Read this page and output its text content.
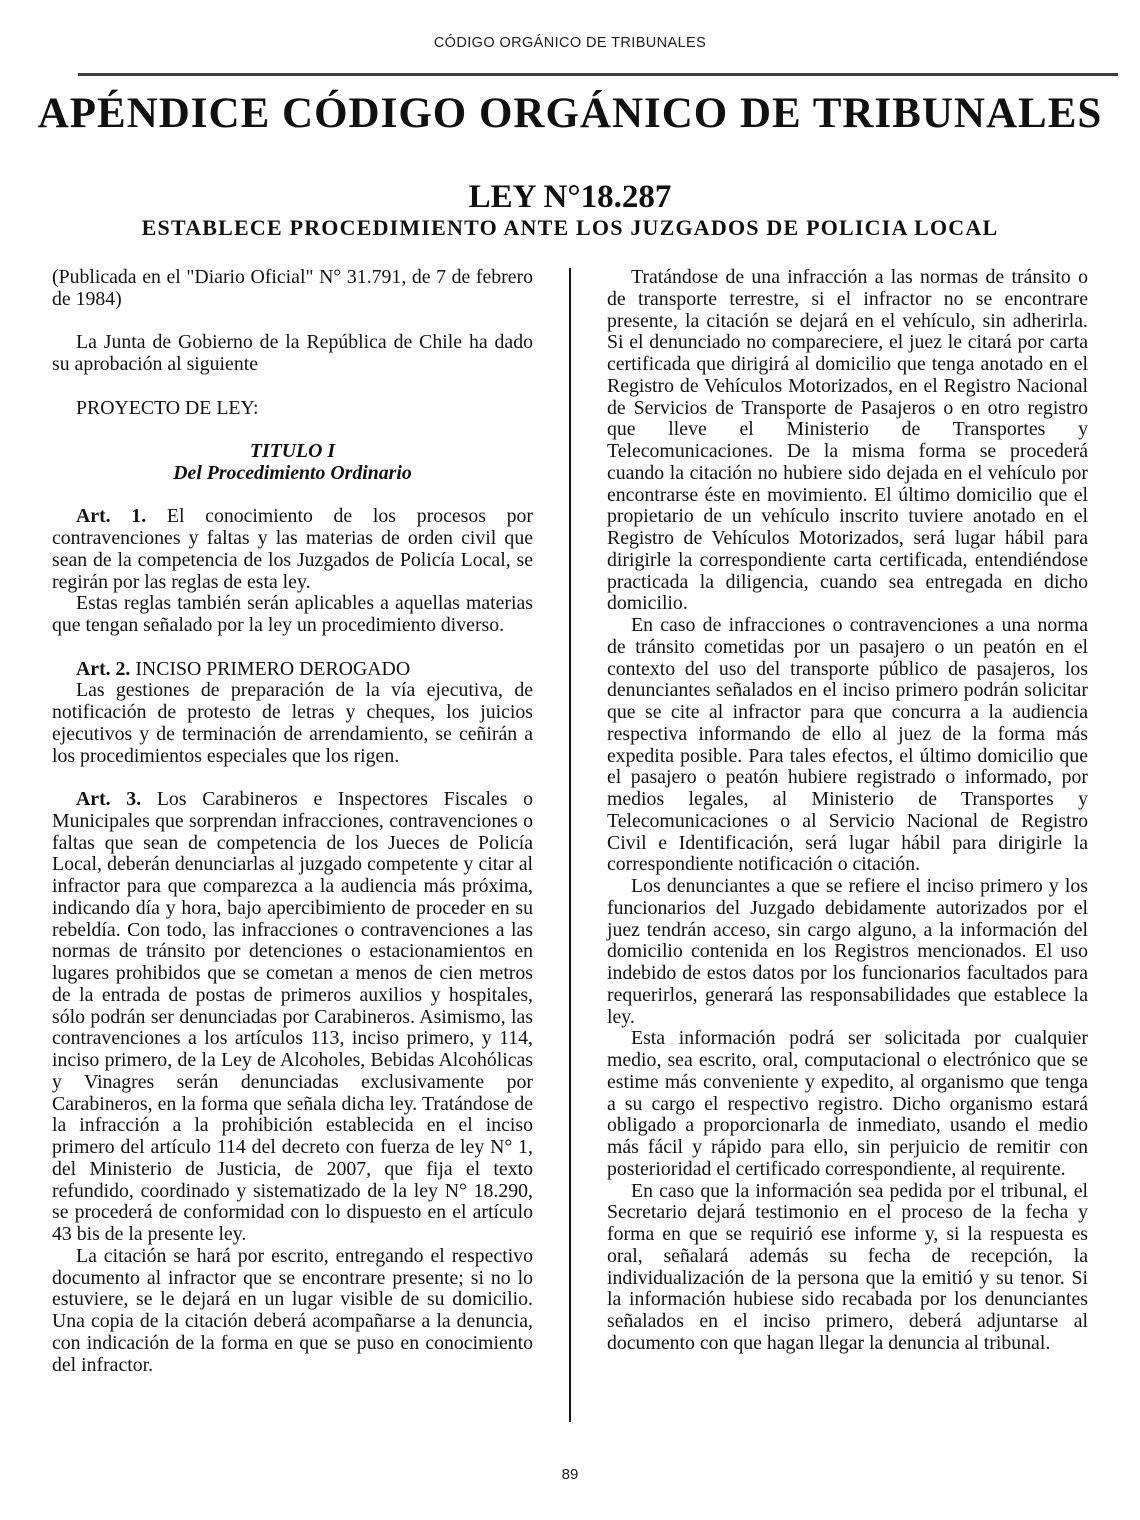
CÓDIGO ORGÁNICO DE TRIBUNALES
APÉNDICE CÓDIGO ORGÁNICO DE TRIBUNALES
LEY N°18.287
ESTABLECE PROCEDIMIENTO ANTE LOS JUZGADOS DE POLICIA LOCAL

(Publicada en el "Diario Oficial" N° 31.791, de 7 de febrero de 1984)

La Junta de Gobierno de la República de Chile ha dado su aprobación al siguiente

PROYECTO DE LEY:

TITULO I

Del Procedimiento Ordinario

Art. 1. El conocimiento de los procesos por contravenciones y faltas y las materias de orden civil que sean de la competencia de los Juzgados de Policía Local, se regirán por las reglas de esta ley.

Estas reglas también serán aplicables a aquellas materias que tengan señalado por la ley un procedimiento diverso.

Art. 2. INCISO PRIMERO DEROGADO

Las gestiones de preparación de la vía ejecutiva, de notificación de protesto de letras y cheques, los juicios ejecutivos y de terminación de arrendamiento, se ceñirán a los procedimientos especiales que los rigen.

Art. 3. Los Carabineros e Inspectores Fiscales o Municipales que sorprendan infracciones, contravenciones o faltas que sean de competencia de los Jueces de Policía Local, deberán denunciarlas al juzgado competente y citar al infractor para que comparezca a la audiencia más próxima, indicando día y hora, bajo apercibimiento de proceder en su rebeldía. Con todo, las infracciones o contravenciones a las normas de tránsito por detenciones o estacionamientos en lugares prohibidos que se cometan a menos de cien metros de la entrada de postas de primeros auxilios y hospitales, sólo podrán ser denunciadas por Carabineros. Asimismo, las contravenciones a los artículos 113, inciso primero, y 114, inciso primero, de la Ley de Alcoholes, Bebidas Alcohólicas y Vinagres serán denunciadas exclusivamente por Carabineros, en la forma que señala dicha ley. Tratándose de la infracción a la prohibición establecida en el inciso primero del artículo 114 del decreto con fuerza de ley N° 1, del Ministerio de Justicia, de 2007, que fija el texto refundido, coordinado y sistematizado de la ley N° 18.290, se procederá de conformidad con lo dispuesto en el artículo 43 bis de la presente ley.

La citación se hará por escrito, entregando el respectivo documento al infractor que se encontrare presente; si no lo estuviere, se le dejará en un lugar visible de su domicilio. Una copia de la citación deberá acompañarse a la denuncia, con indicación de la forma en que se puso en conocimiento del infractor.

Tratándose de una infracción a las normas de tránsito o de transporte terrestre, si el infractor no se encontrare presente, la citación se dejará en el vehículo, sin adherirla. Si el denunciado no compareciere, el juez le citará por carta certificada que dirigirá al domicilio que tenga anotado en el Registro de Vehículos Motorizados, en el Registro Nacional de Servicios de Transporte de Pasajeros o en otro registro que lleve el Ministerio de Transportes y Telecomunicaciones. De la misma forma se procederá cuando la citación no hubiere sido dejada en el vehículo por encontrarse éste en movimiento. El último domicilio que el propietario de un vehículo inscrito tuviere anotado en el Registro de Vehículos Motorizados, será lugar hábil para dirigirle la correspondiente carta certificada, entendiéndose practicada la diligencia, cuando sea entregada en dicho domicilio.

En caso de infracciones o contravenciones a una norma de tránsito cometidas por un pasajero o un peatón en el contexto del uso del transporte público de pasajeros, los denunciantes señalados en el inciso primero podrán solicitar que se cite al infractor para que concurra a la audiencia respectiva informando de ello al juez de la forma más expedita posible. Para tales efectos, el último domicilio que el pasajero o peatón hubiere registrado o informado, por medios legales, al Ministerio de Transportes y Telecomunicaciones o al Servicio Nacional de Registro Civil e Identificación, será lugar hábil para dirigirle la correspondiente notificación o citación.

Los denunciantes a que se refiere el inciso primero y los funcionarios del Juzgado debidamente autorizados por el juez tendrán acceso, sin cargo alguno, a la información del domicilio contenida en los Registros mencionados. El uso indebido de estos datos por los funcionarios facultados para requerirlos, generará las responsabilidades que establece la ley.

Esta información podrá ser solicitada por cualquier medio, sea escrito, oral, computacional o electrónico que se estime más conveniente y expedito, al organismo que tenga a su cargo el respectivo registro. Dicho organismo estará obligado a proporcionarla de inmediato, usando el medio más fácil y rápido para ello, sin perjuicio de remitir con posterioridad el certificado correspondiente, al requirente.

En caso que la información sea pedida por el tribunal, el Secretario dejará testimonio en el proceso de la fecha y forma en que se requirió ese informe y, si la respuesta es oral, señalará además su fecha de recepción, la individualización de la persona que la emitió y su tenor. Si la información hubiese sido recabada por los denunciantes señalados en el inciso primero, deberá adjuntarse al documento con que hagan llegar la denuncia al tribunal.

89
